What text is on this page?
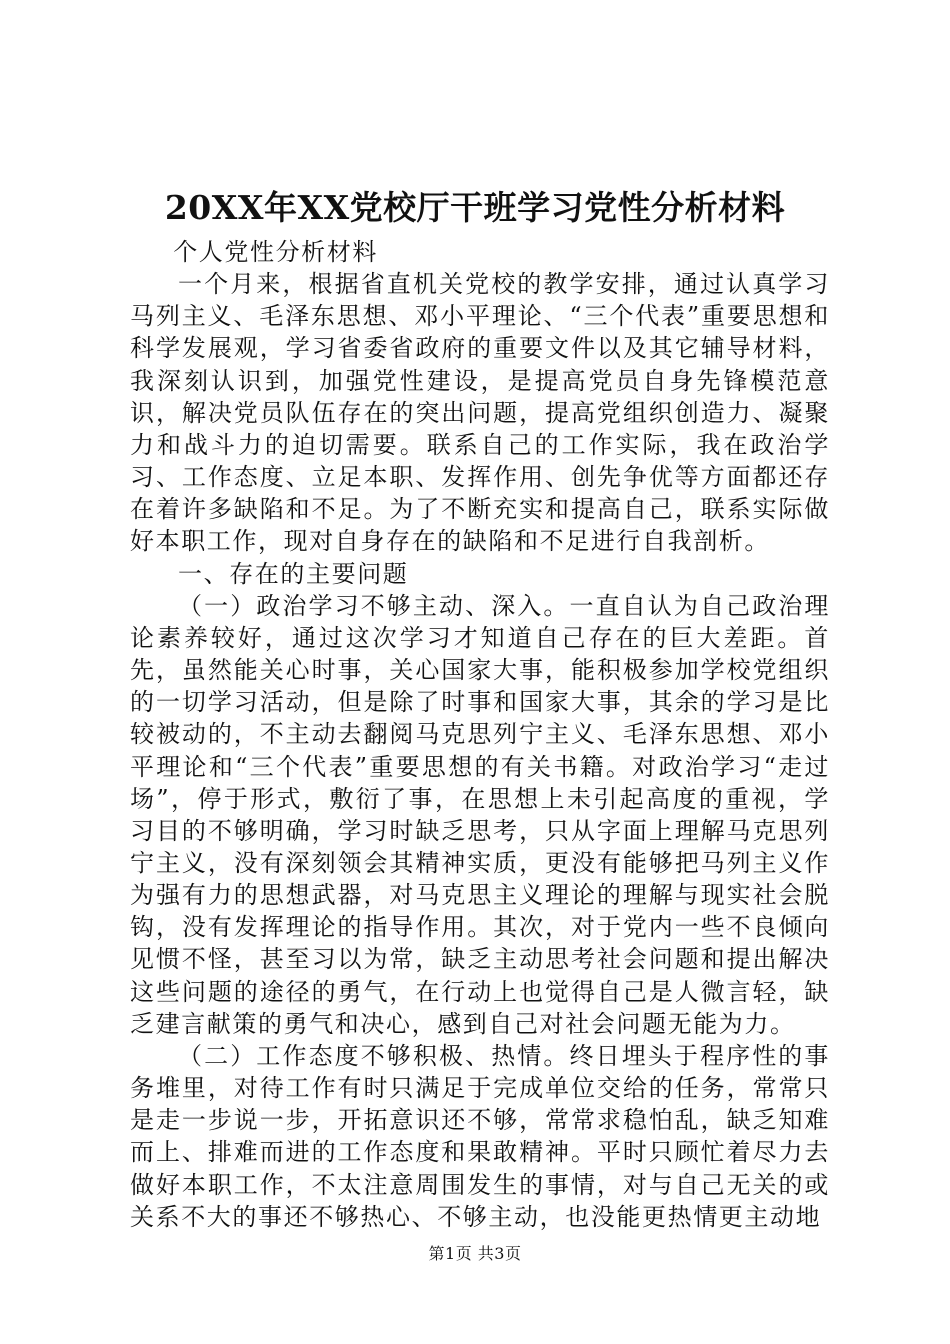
20XX年XX党校厅干班学习党性分析材料

个人党性分析材料

一个月来，根据省直机关党校的教学安排，通过认真学习马列主义、毛泽东思想、邓小平理论、“三个代表”重要思想和科学发展观，学习省委省政府的重要文件以及其它辅导材料，我深刻认识到，加强党性建设，是提高党员自身先锋模范意识，解决党员队伍存在的突出问题，提高党组织创造力、凝聚力和战斗力的迫切需要。联系自己的工作实际，我在政治学习、工作态度、立足本职、发挥作用、创先争优等方面都还存在着许多缺陷和不足。为了不断充实和提高自己，联系实际做好本职工作，现对自身存在的缺陷和不足进行自我剖析。

一、存在的主要问题

（一）政治学习不够主动、深入。一直自认为自己政治理论素养较好，通过这次学习才知道自己存在的巨大差距。首先，虽然能关心时事，关心国家大事，能积极参加学校党组织的一切学习活动，但是除了时事和国家大事，其余的学习是比较被动的，不主动去翻阅马克思列宁主义、毛泽东思想、邓小平理论和“三个代表”重要思想的有关书籍。对政治学习“走过场”，停于形式，敷衍了事，在思想上未引起高度的重视，学习目的不够明确，学习时缺乏思考，只从字面上理解马克思列宁主义，没有深刻领会其精神实质，更没有能够把马列主义作为强有力的思想武器，对马克思主义理论的理解与现实社会脱钩，没有发挥理论的指导作用。其次，对于党内一些不良倾向见惯不怪，甚至习以为常，缺乏主动思考社会问题和提出解决这些问题的途径的勇气，在行动上也觉得自己是人微言轻，缺乏建言献策的勇气和决心，感到自己对社会问题无能为力。

（二）工作态度不够积极、热情。终日埋头于程序性的事务堆里，对待工作有时只满足于完成单位交给的任务，常常只是走一步说一步，开拓意识还不够，常常求稳怕乱，缺乏知难而上、排难而进的工作态度和果敢精神。平时只顾忙着尽力去做好本职工作，不太注意周围发生的事情，对与自己无关的或关系不大的事还不够热心、不够主动，也没能更热情更主动地

第1页 共3页
